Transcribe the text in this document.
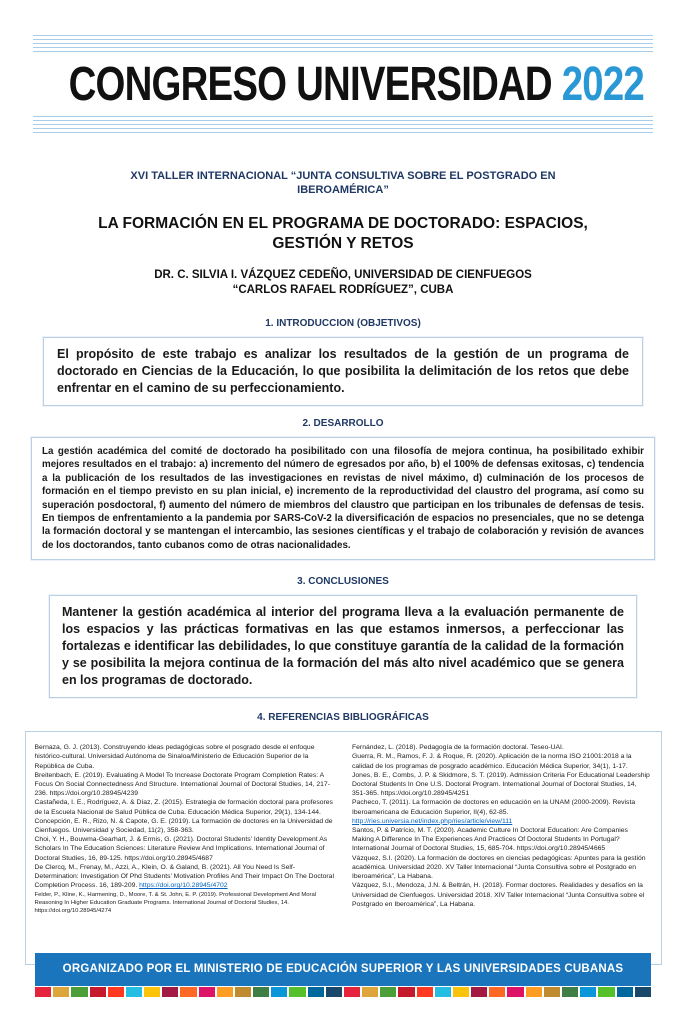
CONGRESO UNIVERSIDAD 2022
XVI TALLER INTERNACIONAL “JUNTA CONSULTIVA SOBRE EL POSTGRADO EN IBEROAMÉRICA”
LA FORMACIÓN EN EL PROGRAMA DE DOCTORADO: ESPACIOS, GESTIÓN Y RETOS
DR. C. SILVIA I. VÁZQUEZ CEDEÑO, UNIVERSIDAD DE CIENFUEGOS
“CARLOS RAFAEL RODRÍGUEZ”, CUBA
1. INTRODUCCION (OBJETIVOS)
El propósito de este trabajo es analizar los resultados de la gestión de un programa de doctorado en Ciencias de la Educación, lo que posibilita la delimitación de los retos que debe enfrentar en el camino de su perfeccionamiento.
2. DESARROLLO
La gestión académica del comité de doctorado ha posibilitado con una filosofía de mejora continua, ha posibilitado exhibir mejores resultados en el trabajo: a) incremento del número de egresados por año, b) el 100% de defensas exitosas, c) tendencia a la publicación de los resultados de las investigaciones en revistas de nivel máximo, d) culminación de los procesos de formación en el tiempo previsto en su plan inicial, e) incremento de la reproductividad del claustro del programa, así como su superación posdoctoral, f) aumento del número de miembros del claustro que participan en los tribunales de defensas de tesis. En tiempos de enfrentamiento a la pandemia por SARS-CoV-2 la diversificación de espacios no presenciales, que no se detenga la formación doctoral y se mantengan el intercambio, las sesiones científicas y el trabajo de colaboración y revisión de avances de los doctorandos, tanto cubanos como de otras nacionalidades.
3. CONCLUSIONES
Mantener la gestión académica al interior del programa lleva a la evaluación permanente de los espacios y las prácticas formativas en las que estamos inmersos, a perfeccionar las fortalezas e identificar las debilidades, lo que constituye garantía de la calidad de la formación y se posibilita la mejora continua de la formación del más alto nivel académico que se genera en los programas de doctorado.
4. REFERENCIAS BIBLIOGRÁFICAS
Bernaza, G. J. (2013). Construyendo ideas pedagógicas sobre el posgrado desde el enfoque histórico-cultural. Universidad Autónoma de Sinaloa/Ministerio de Educación Superior de la República de Cuba.
Breitenbach, E. (2019). Evaluating A Model To Increase Doctorate Program Completion Rates: A Focus On Social Connectedness And Structure. International Journal of Doctoral Studies, 14, 217-236. https://doi.org/10.28945/4239
Castañeda, I. E., Rodríguez, A. & Díaz, Z. (2015). Estrategia de formación doctoral para profesores de la Escuela Nacional de Salud Pública de Cuba. Educación Médica Superior, 29(1), 134-144.
Concepción, E. R., Rizo, N. & Capote, G. E. (2019). La formación de doctores en la Universidad de Cienfuegos. Universidad y Sociedad, 11(2), 358-363.
Choi, Y. H., Bouwma-Gearhart, J. & Ermis, G. (2021). Doctoral Students’ Identity Development As Scholars In The Education Sciences: Literature Review And Implications. International Journal of Doctoral Studies, 16, 89-125. https://doi.org/10.28945/4687
De Clercq, M., Frenay, M., Azzi, A., Klein, O. & Galand, B. (2021). All You Need Is Self-Determination: Investigation Of Phd Students’ Motivation Profiles And Their Impact On The Doctoral Completion Process. 16, 189-209. https://doi.org/10.28945/4702
Felder, P., Kline, K., Harmening, D., Moore, T. & St. John, E. P. (2019). Professional Development And Moral Reasoning In Higher Education Graduate Programs. International Journal of Doctoral Studies, 14. https://doi.org/10.28945/4274
Fernández, L. (2018). Pedagogía de la formación doctoral. Teseo-UAI.
Guerra, R. M., Ramos, F. J. & Roque, R. (2020). Aplicación de la norma ISO 21001:2018 a la calidad de los programas de posgrado académico. Educación Médica Superior, 34(1), 1-17.
Jones, B. E., Combs, J. P. & Skidmore, S. T. (2019). Admission Criteria For Educational Leadership Doctoral Students In One U.S. Doctoral Program. International Journal of Doctoral Studies, 14, 351-365. https://doi.org/10.28945/4251
Pacheco, T. (2011). La formación de doctores en educación en la UNAM (2000-2009). Revista Iberoamericana de Educación Superior, II(4), 62-85. http://ries.universia.net/index.php/ries/article/view/111
Santos, P. & Patrício, M. T. (2020). Academic Culture In Doctoral Education: Are Companies Making A Difference In The Experiences And Practices Of Doctoral Students In Portugal? International Journal of Doctoral Studies, 15, 685-704. https://doi.org/10.28945/4665
Vázquez, S.I. (2020). La formación de doctores en ciencias pedagógicas: Apuntes para la gestión académica. Universidad 2020. XV Taller Internacional “Junta Consultiva sobre el Postgrado en Iberoamérica”, La Habana.
Vázquez, S.I., Mendoza, J.N. & Beltrán, H. (2018). Formar doctores. Realidades y desafíos en la Universidad de Cienfuegos. Universidad 2018. XIV Taller Internacional “Junta Consultiva sobre el Postgrado en Iberoamérica”, La Habana.
ORGANIZADO POR EL MINISTERIO DE EDUCACIÓN SUPERIOR Y LAS UNIVERSIDADES CUBANAS
